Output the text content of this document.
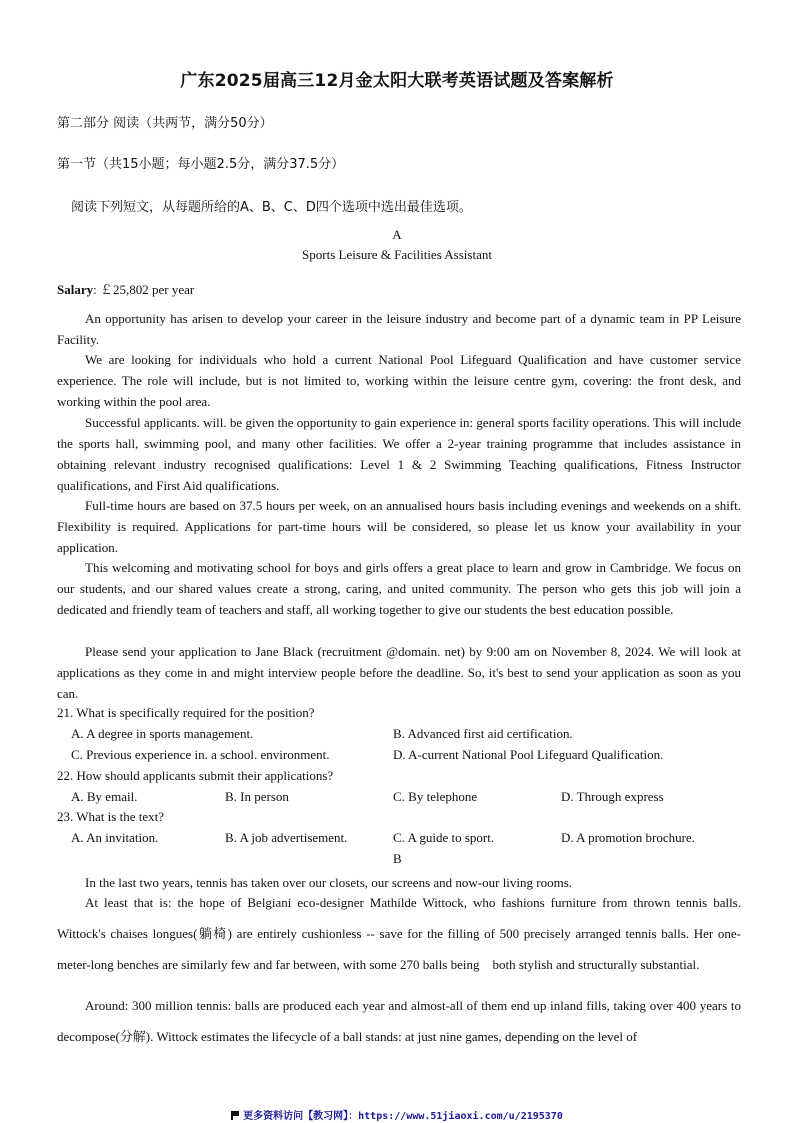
广东2025届高三12月金太阳大联考英语试题及答案解析
第二部分 阅读（共两节，满分50分）
第一节（共15小题；每小题2.5分，满分37.5分）
阅读下列短文，从每题所给的A、B、C、D四个选项中选出最佳选项。
A
Sports Leisure & Facilities Assistant
Salary: ￡25,802 per year

An opportunity has arisen to develop your career in the leisure industry and become part of a dynamic team in PP Leisure Facility.

We are looking for individuals who hold a current National Pool Lifeguard Qualification and have customer service experience. The role will include, but is not limited to, working within the leisure centre gym, covering: the front desk, and working within the pool area.

Successful applicants. will. be given the opportunity to gain experience in: general sports facility operations. This will include the sports hall, swimming pool, and many other facilities. We offer a 2-year training programme that includes assistance in obtaining relevant industry recognised qualifications: Level 1 & 2 Swimming Teaching qualifications, Fitness Instructor qualifications, and First Aid qualifications.

Full-time hours are based on 37.5 hours per week, on an annualised hours basis including evenings and weekends on a shift. Flexibility is required. Applications for part-time hours will be considered, so please let us know your availability in your application.

This welcoming and motivating school for boys and girls offers a great place to learn and grow in Cambridge. We focus on our students, and our shared values create a strong, caring, and united community. The person who gets this job will join a dedicated and friendly team of teachers and staff, all working together to give our students the best education possible.

Please send your application to Jane Black (recruitment @domain. net) by 9:00 am on November 8, 2024. We will look at applications as they come in and might interview people before the deadline. So, it's best to send your application as soon as you can.

21. What is specifically required for the position?
A. A degree in sports management.	B. Advanced first aid certification.
C. Previous experience in. a school. environment.	D. A-current National Pool Lifeguard Qualification.
22. How should applicants submit their applications?
A. By email.	B. In person	C. By telephone	D. Through express
23. What is the text?
A. An invitation.	B. A job advertisement.	C. A guide to sport.	D. A promotion brochure.
B

In the last two years, tennis has taken over our closets, our screens and now-our living rooms.

At least that is: the hope of Belgiani eco-designer Mathilde Wittock, who fashions furniture from thrown tennis balls. Wittock's chaises longues(躺椅) are entirely cushionless -- save for the filling of 500 precisely arranged tennis balls. Her one-meter-long benches are similarly few and far between, with some 270 balls being　both stylish and structurally substantial.

Around: 300 million tennis: balls are produced each year and almost-all of them end up inland fills, taking over 400 years to decompose(分解). Wittock estimates the lifecycle of a ball stands: at just nine games, depending on the level of

更多资料访问【教习网】：https://www.51jiaoxi.com/u/2195370
